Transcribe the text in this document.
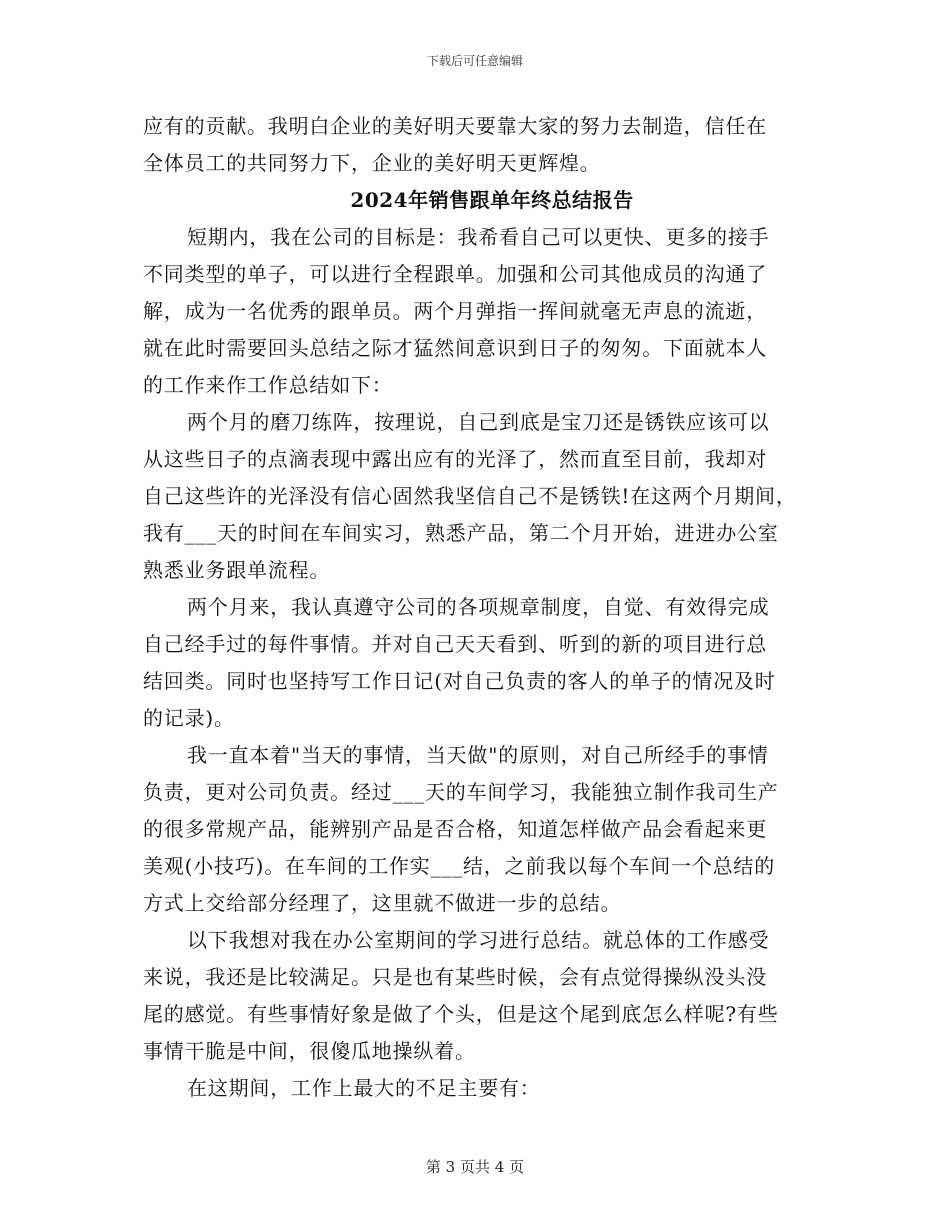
下载后可任意编辑
应有的贡献。我明白企业的美好明天要靠大家的努力去制造，信任在
全体员工的共同努力下，企业的美好明天更辉煌。
2024年销售跟单年终总结报告
短期内，我在公司的目标是：我希看自己可以更快、更多的接手
不同类型的单子，可以进行全程跟单。加强和公司其他成员的沟通了
解，成为一名优秀的跟单员。两个月弹指一挥间就毫无声息的流逝，
就在此时需要回头总结之际才猛然间意识到日子的匆匆。下面就本人
的工作来作工作总结如下：
两个月的磨刀练阵，按理说，自己到底是宝刀还是锈铁应该可以
从这些日子的点滴表现中露出应有的光泽了，然而直至目前，我却对
自己这些许的光泽没有信心固然我坚信自己不是锈铁!在这两个月期间，
我有___天的时间在车间实习，熟悉产品，第二个月开始，进进办公室
熟悉业务跟单流程。
两个月来，我认真遵守公司的各项规章制度，自觉、有效得完成
自己经手过的每件事情。并对自己天天看到、听到的新的项目进行总
结回类。同时也坚持写工作日记(对自己负责的客人的单子的情况及时
的记录)。
我一直本着"当天的事情，当天做"的原则，对自己所经手的事情
负责，更对公司负责。经过___天的车间学习，我能独立制作我司生产
的很多常规产品，能辨别产品是否合格，知道怎样做产品会看起来更
美观(小技巧)。在车间的工作实___结，之前我以每个车间一个总结的
方式上交给部分经理了，这里就不做进一步的总结。
以下我想对我在办公室期间的学习进行总结。就总体的工作感受
来说，我还是比较满足。只是也有某些时候，会有点觉得操纵没头没
尾的感觉。有些事情好象是做了个头，但是这个尾到底怎么样呢?有些
事情干脆是中间，很傻瓜地操纵着。
在这期间，工作上最大的不足主要有：
第 3 页共 4 页
